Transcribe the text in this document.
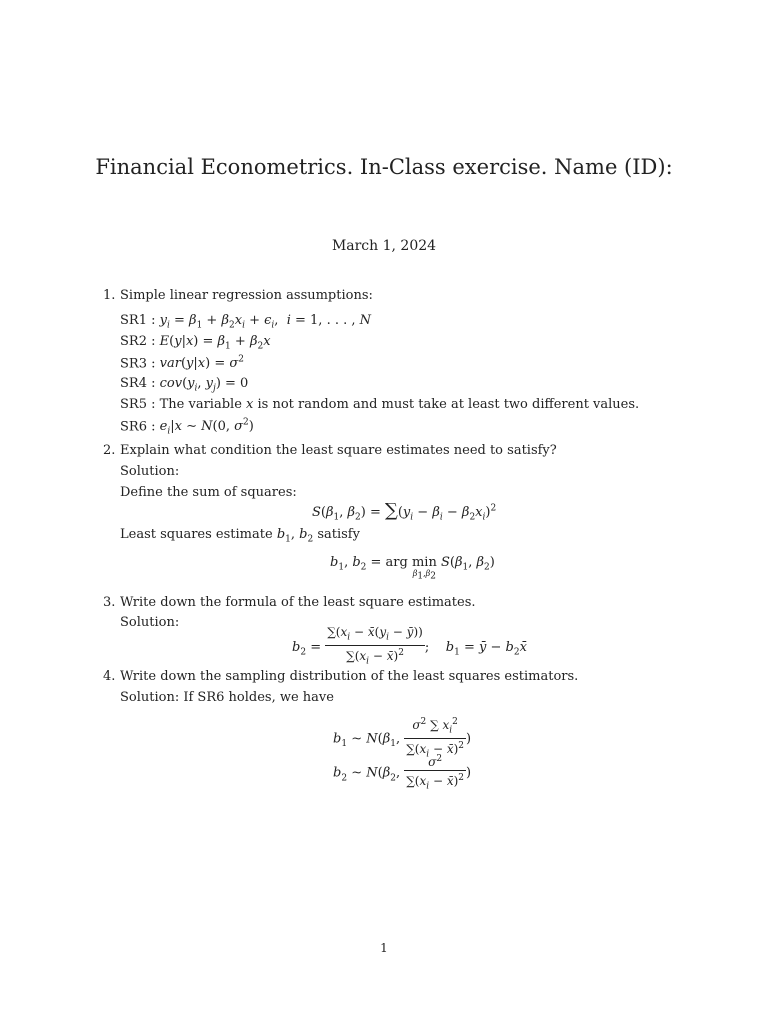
Financial Econometrics. In-Class exercise. Name (ID):
March 1, 2024
1. Simple linear regression assumptions:
SR1 : $y_i = \beta_1 + \beta_2x_i + \epsilon_i$,  i = 1, . . . , N
SR2 : $E(y|x) = \beta_1 + \beta_2x$
SR3 : $var(y|x) = \sigma^2$
SR4 : $cov(y_i$, $y_j) = 0$
SR5 : The variable x is not random and must take at least two different values.
SR6 : $e_i|x$ ∼ N(0, $\sigma^2$)
2. Explain what condition the least square estimates need to satisfy?
Solution:
Define the sum of squares:
$S(\beta_1$, $\beta_2) = \sum(y_i - \beta_i - \beta_2x_i)^2$
Least squares estimate $b_1$, $b_2$ satisfy
$b_1$, $b_2$ = arg min
$\beta_1,\beta_2$
$S(\beta_1$, $\beta_2$)
3. Write down the formula of the least square estimates.
Solution:
$b_2 = \frac{\sum(x_i - x̄(y_i - ȳ))}{\sum(x_i - x̄)^2}$ ;    $b_1$ = ȳ − $b_2x̄$
4. Write down the sampling distribution of the least squares estimators.
Solution: If SR6 holdes, we have
$b_1$ ∼ $N(\beta_1$, $\frac{\sigma^2 \sum x_i^2}{\sum(x_i - x̄)^2}$ )
$b_2$ ∼ $N(\beta_2$, $\frac{\sigma^2}{\sum(x_i - x̄)^2}$ )
1
